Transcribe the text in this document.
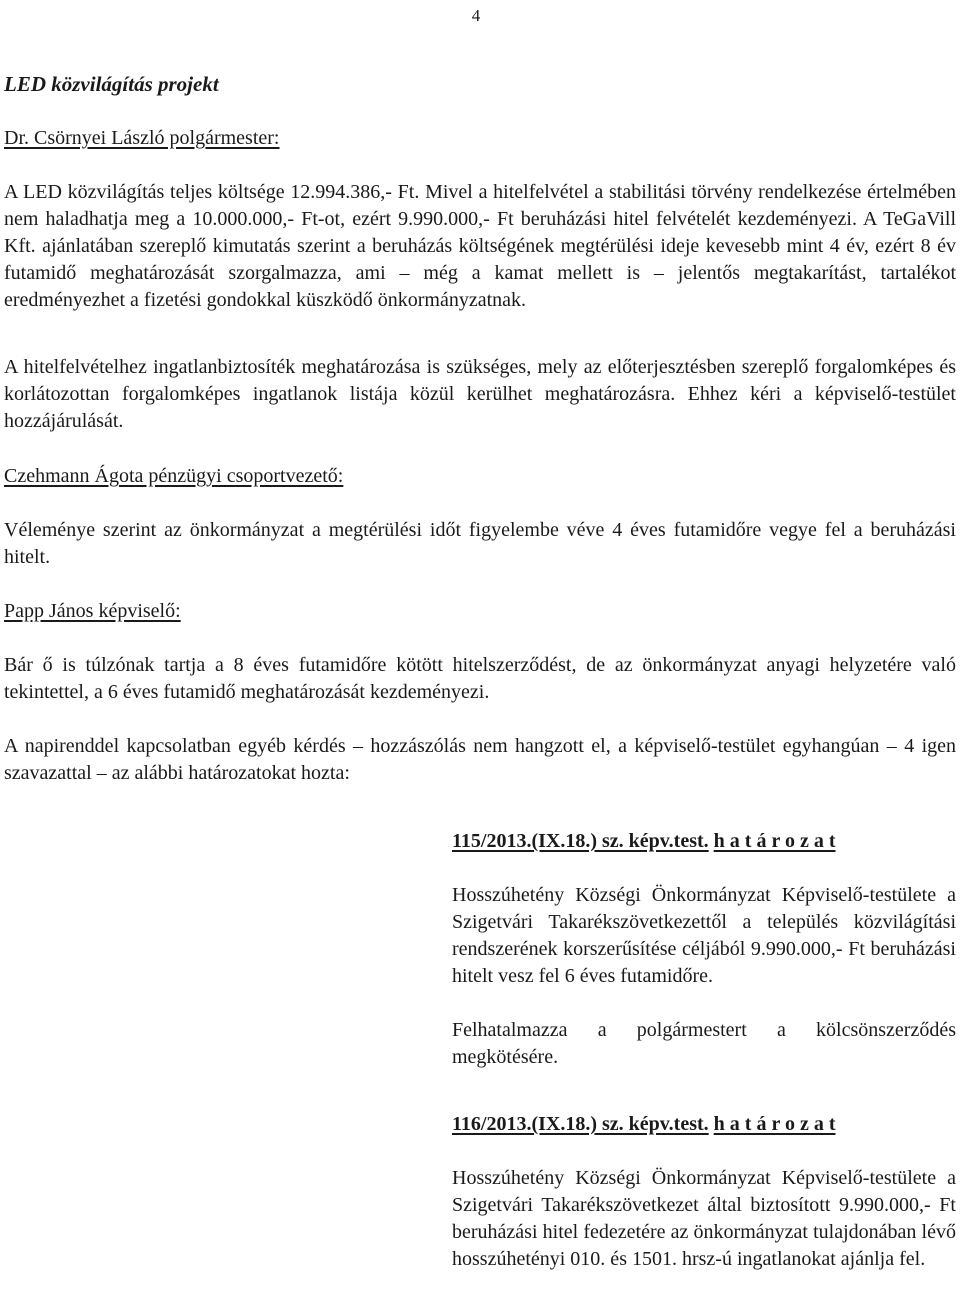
4

LED közvilágítás projekt

Dr. Csörnyei László polgármester:

A LED közvilágítás teljes költsége 12.994.386,- Ft. Mivel a hitelfelvétel a stabilitási törvény rendelkezése értelmében nem haladhatja meg a 10.000.000,- Ft-ot, ezért 9.990.000,- Ft beruházási hitel felvételét kezdeményezi. A TeGaVill Kft. ajánlatában szereplő kimutatás szerint a beruházás költségének megtérülési ideje kevesebb mint 4 év, ezért 8 év futamidő meghatározását szorgalmazza, ami – még a kamat mellett is – jelentős megtakarítást, tartalékot eredményezhet a fizetési gondokkal küszködő önkormányzatnak.

A hitelfelvételhez ingatlanbiztosíték meghatározása is szükséges, mely az előterjesztésben szereplő forgalomképes és korlátozottan forgalomképes ingatlanok listája közül kerülhet meghatározásra. Ehhez kéri a képviselő-testület hozzájárulását.

Czehmann Ágota pénzügyi csoportvezető:

Véleménye szerint az önkormányzat a megtérülési időt figyelembe véve 4 éves futamidőre vegye fel a beruházási hitelt.

Papp János képviselő:

Bár ő is túlzónak tartja a 8 éves futamidőre kötött hitelszerződést, de az önkormányzat anyagi helyzetére való tekintettel, a 6 éves futamidő meghatározását kezdeményezi.

A napirenddel kapcsolatban egyéb kérdés – hozzászólás nem hangzott el, a képviselő-testület egyhangúan – 4 igen szavazattal – az alábbi határozatokat hozta:

115/2013.(IX.18.) sz. képv.test. h a t á r o z a t

Hosszúhetény Községi Önkormányzat Képviselő-testülete a Szigetvári Takarékszövetkezettől a település közvilágítási rendszerének korszerűsítése céljából 9.990.000,- Ft beruházási hitelt vesz fel 6 éves futamidőre.

Felhatalmazza a polgármestert a kölcsönszerződés megkötésére.

116/2013.(IX.18.) sz. képv.test. h a t á r o z a t

Hosszúhetény Községi Önkormányzat Képviselő-testülete a Szigetvári Takarékszövetkezet által biztosított 9.990.000,- Ft beruházási hitel fedezetére az önkormányzat tulajdonában lévő hosszúhetényi 010. és 1501. hrsz-ú ingatlanokat ajánlja fel.
